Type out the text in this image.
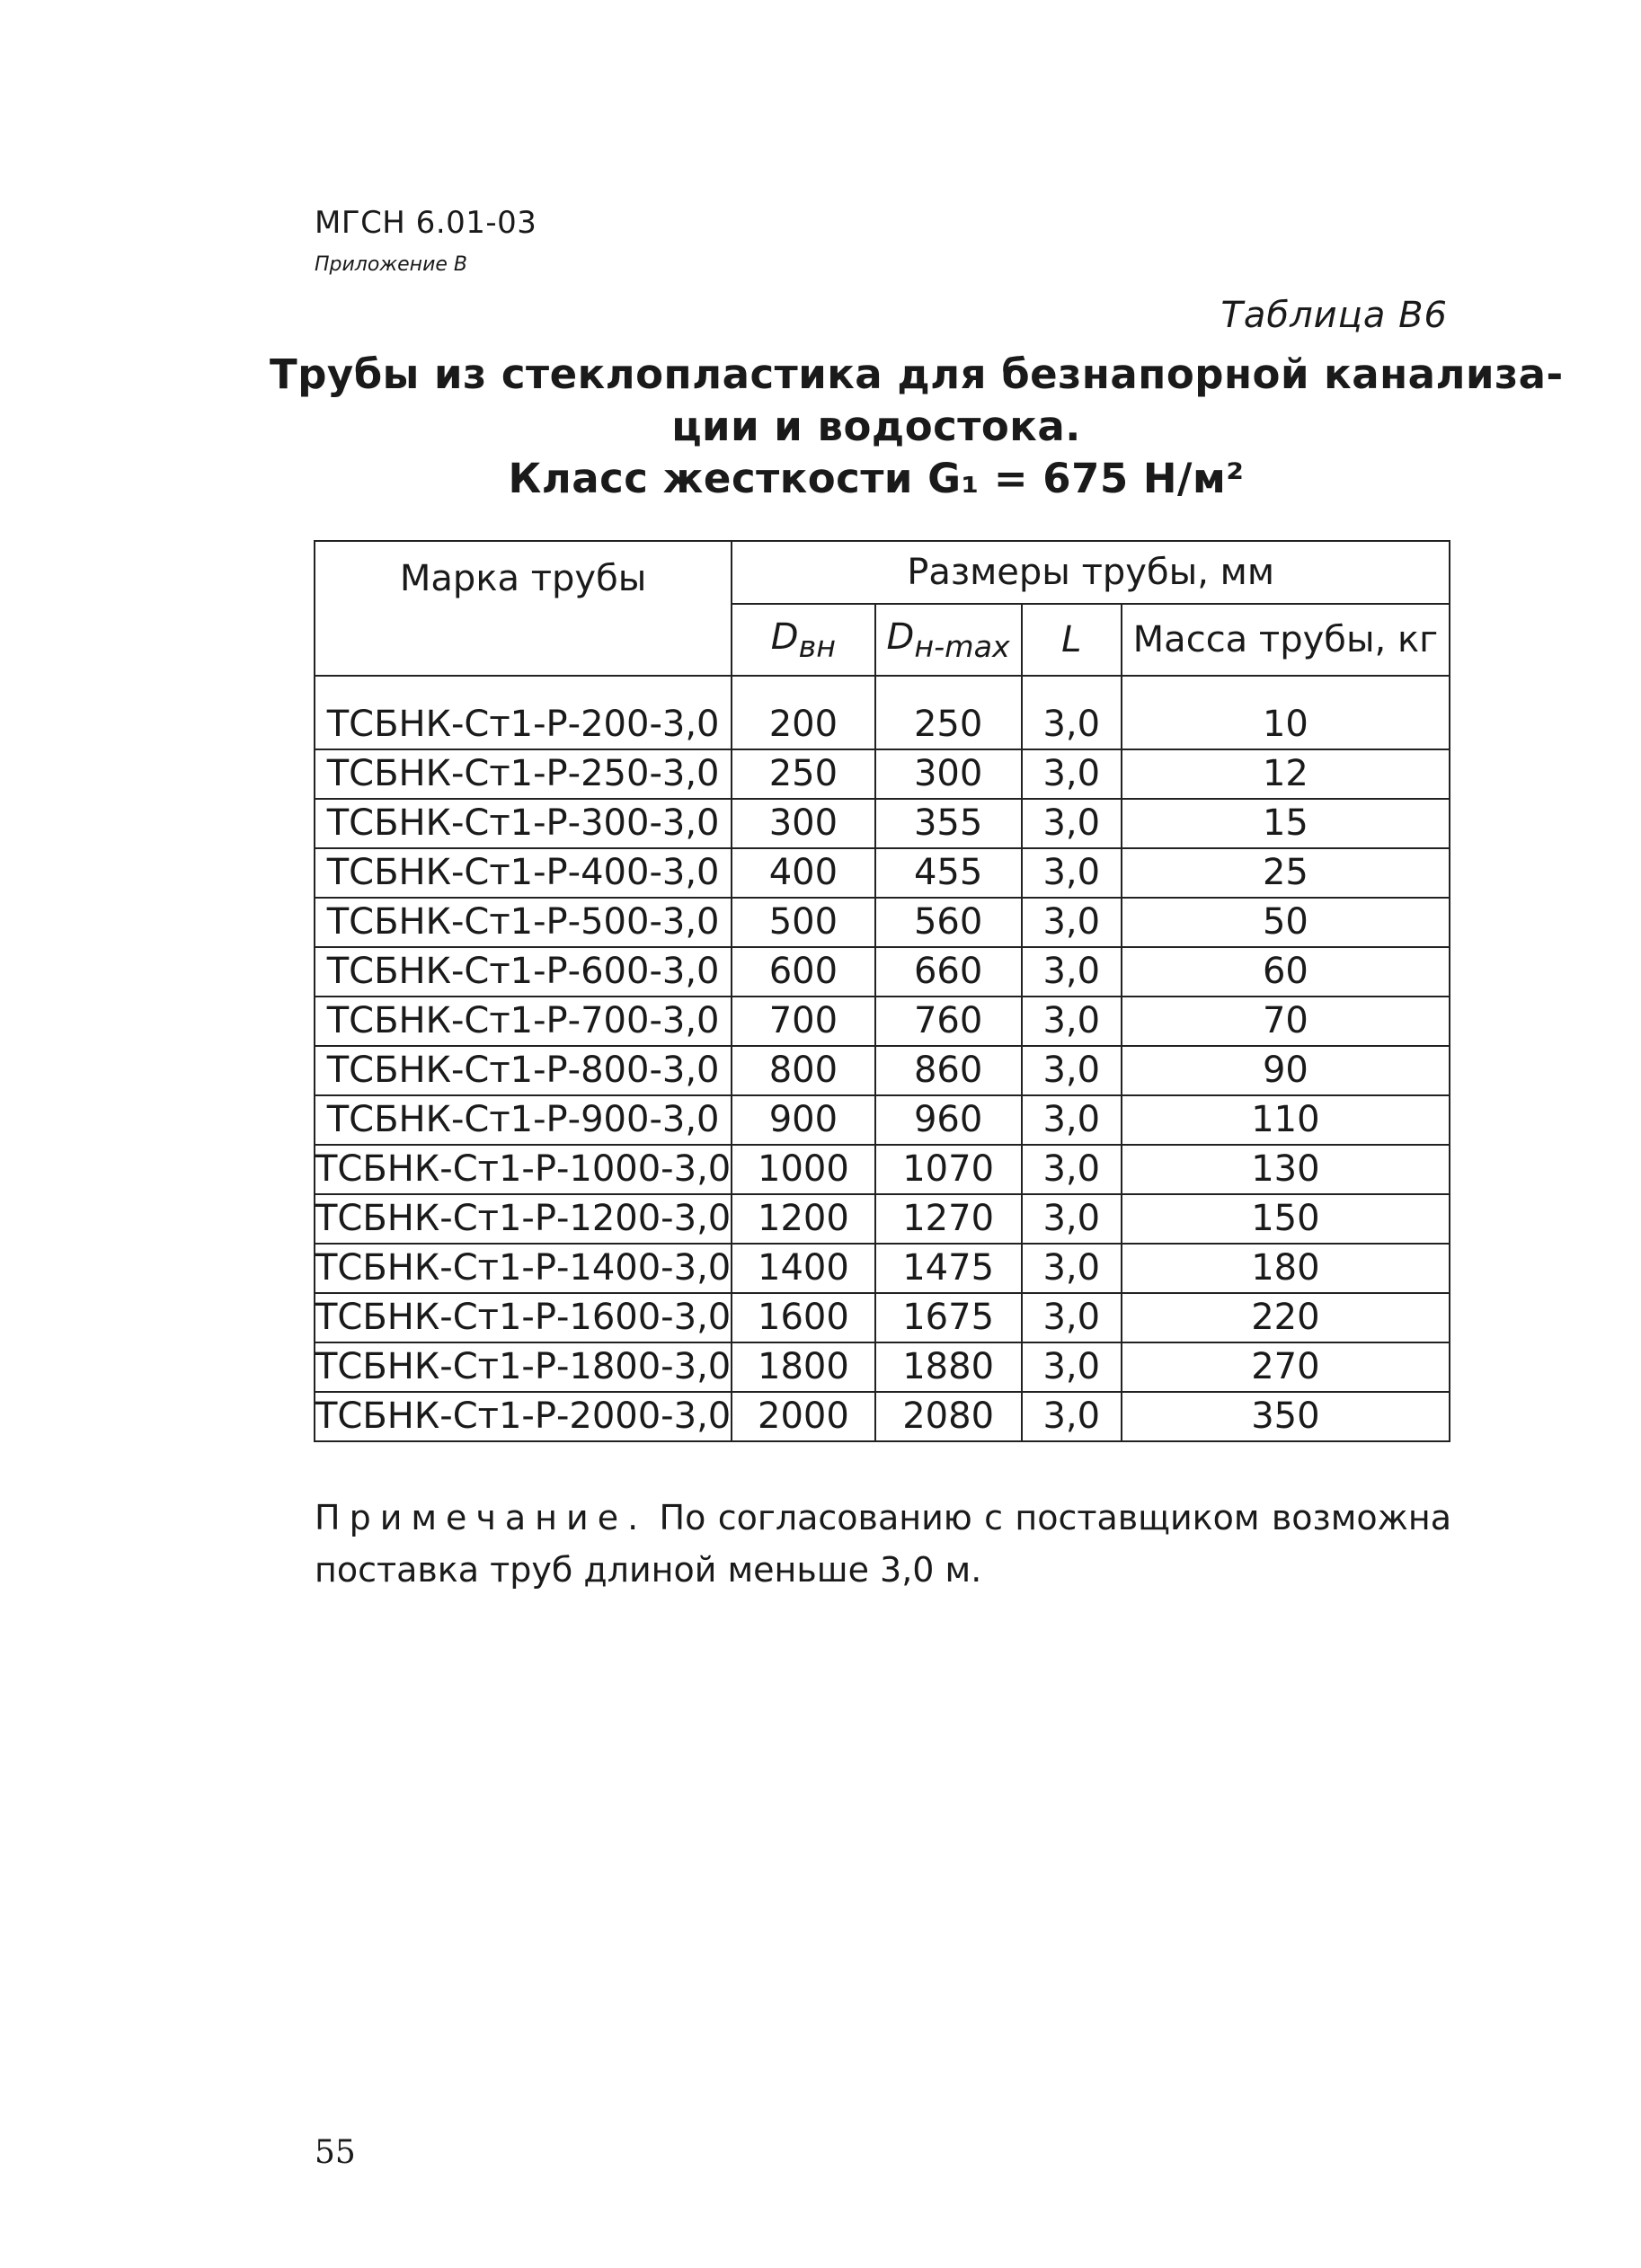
МГСН 6.01-03
Приложение В
Таблица В6
Трубы из стеклопластика для безнапорной канализа-
ции и водостока.
Класс жесткости G₁ = 675 Н/м²
Марка трубы	Размеры трубы, мм			
	$D_{вн}$	$D_{н-max}$	L	Масса трубы, кг
ТСБНК-Ст1-Р-200-3,0	200	250	3,0	10
ТСБНК-Ст1-Р-250-3,0	250	300	3,0	12
ТСБНК-Ст1-Р-300-3,0	300	355	3,0	15
ТСБНК-Ст1-Р-400-3,0	400	455	3,0	25
ТСБНК-Ст1-Р-500-3,0	500	560	3,0	50
ТСБНК-Ст1-Р-600-3,0	600	660	3,0	60
ТСБНК-Ст1-Р-700-3,0	700	760	3,0	70
ТСБНК-Ст1-Р-800-3,0	800	860	3,0	90
ТСБНК-Ст1-Р-900-3,0	900	960	3,0	110
ТСБНК-Ст1-Р-1000-3,0	1000	1070	3,0	130
ТСБНК-Ст1-Р-1200-3,0	1200	1270	3,0	150
ТСБНК-Ст1-Р-1400-3,0	1400	1475	3,0	180
ТСБНК-Ст1-Р-1600-3,0	1600	1675	3,0	220
ТСБНК-Ст1-Р-1800-3,0	1800	1880	3,0	270
ТСБНК-Ст1-Р-2000-3,0	2000	2080	3,0	350
Примечание. По согласованию с поставщиком возможна поставка труб длиной меньше 3,0 м.
55
